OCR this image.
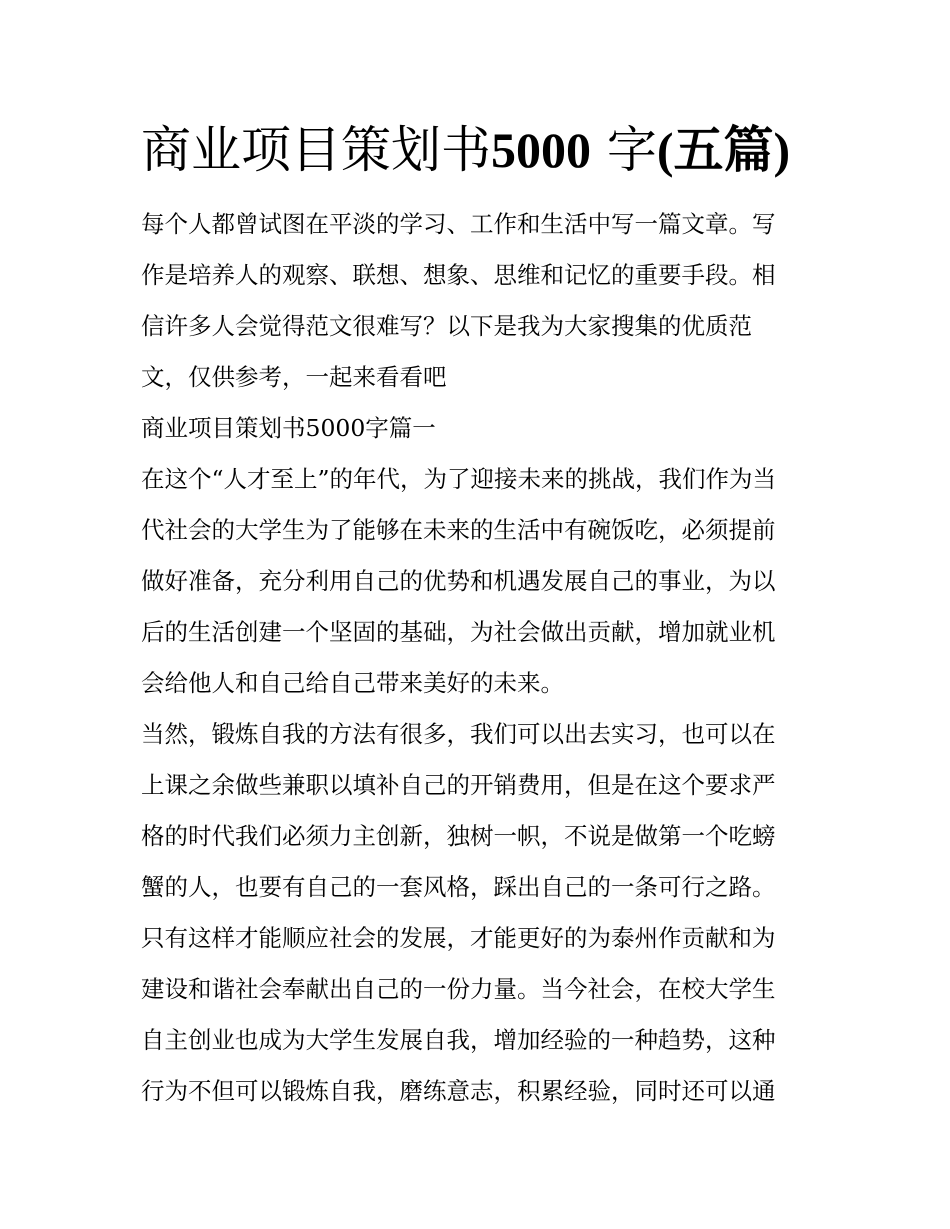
商业项目策划书5000 字(五篇)
每个人都曾试图在平淡的学习、工作和生活中写一篇文章。写
作是培养人的观察、联想、想象、思维和记忆的重要手段。相
信许多人会觉得范文很难写？以下是我为大家搜集的优质范
文，仅供参考，一起来看看吧
商业项目策划书5000字篇一
在这个“人才至上”的年代，为了迎接未来的挑战，我们作为当
代社会的大学生为了能够在未来的生活中有碗饭吃，必须提前
做好准备，充分利用自己的优势和机遇发展自己的事业，为以
后的生活创建一个坚固的基础，为社会做出贡献，增加就业机
会给他人和自己给自己带来美好的未来。
当然，锻炼自我的方法有很多，我们可以出去实习，也可以在
上课之余做些兼职以填补自己的开销费用，但是在这个要求严
格的时代我们必须力主创新，独树一帜，不说是做第一个吃螃
蟹的人，也要有自己的一套风格，踩出自己的一条可行之路。
只有这样才能顺应社会的发展，才能更好的为泰州作贡献和为
建设和谐社会奉献出自己的一份力量。当今社会，在校大学生
自主创业也成为大学生发展自我，增加经验的一种趋势，这种
行为不但可以锻炼自我，磨练意志，积累经验，同时还可以通
